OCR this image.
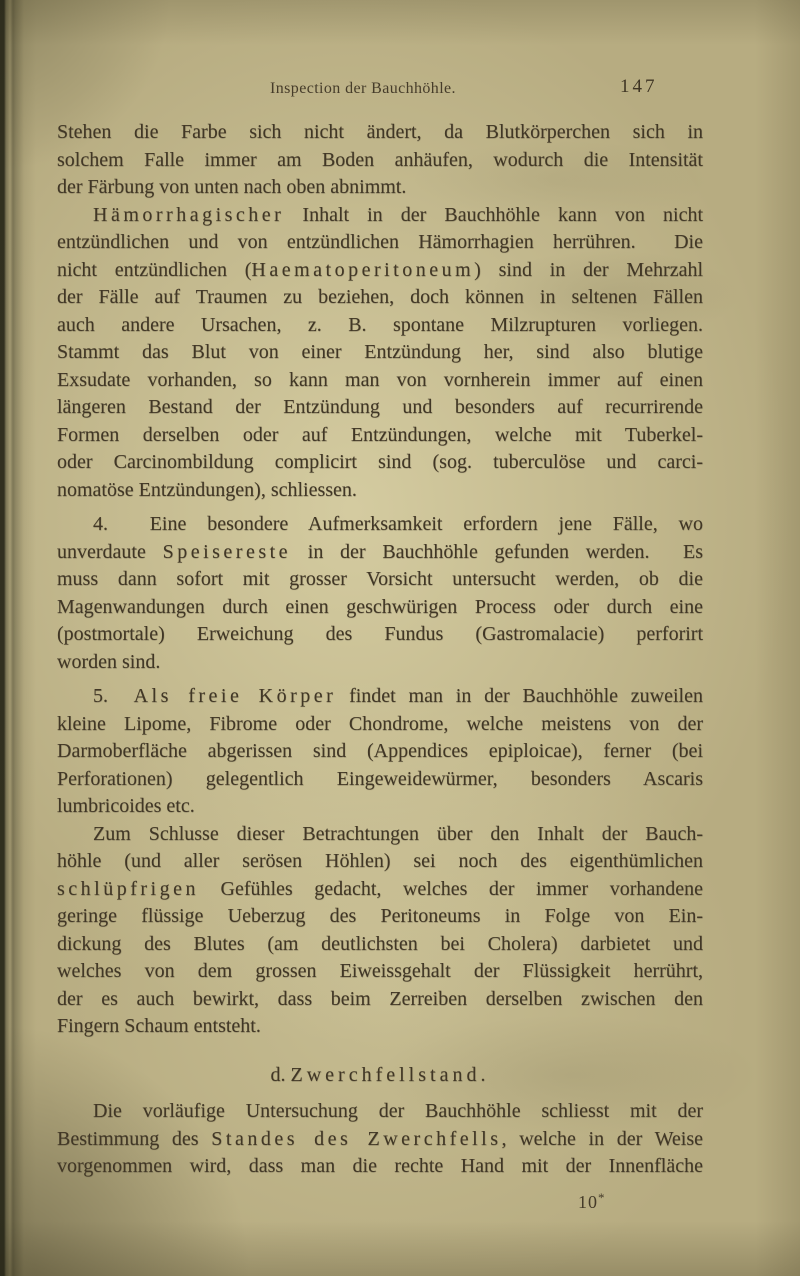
Inspection der Bauchhöhle.	147
Stehen die Farbe sich nicht ändert, da Blutkörperchen sich in
solchem Falle immer am Boden anhäufen, wodurch die Intensität
der Färbung von unten nach oben abnimmt.
Hämorrhagischer Inhalt in der Bauchhöhle kann von nicht
entzündlichen und von entzündlichen Hämorrhagien herrühren.  Die
nicht entzündlichen (Haematoperitoneum) sind in der Mehrzahl
der Fälle auf Traumen zu beziehen, doch können in seltenen Fällen
auch andere Ursachen, z. B. spontane Milzrupturen vorliegen.
Stammt das Blut von einer Entzündung her, sind also blutige
Exsudate vorhanden, so kann man von vornherein immer auf einen
längeren Bestand der Entzündung und besonders auf recurrirende
Formen derselben oder auf Entzündungen, welche mit Tuberkel-
oder Carcinombildung complicirt sind (sog. tuberculöse und carci-
nomatöse Entzündungen), schliessen.
4.  Eine besondere Aufmerksamkeit erfordern jene Fälle, wo
unverdaute Speisereste in der Bauchhöhle gefunden werden.  Es
muss dann sofort mit grosser Vorsicht untersucht werden, ob die
Magenwandungen durch einen geschwürigen Process oder durch eine
(postmortale) Erweichung des Fundus (Gastromalacie) perforirt
worden sind.
5.  Als freie Körper findet man in der Bauchhöhle zuweilen
kleine Lipome, Fibrome oder Chondrome, welche meistens von der
Darmoberfläche abgerissen sind (Appendices epiploicae), ferner (bei
Perforationen) gelegentlich Eingeweidewürmer, besonders Ascaris
lumbricoides etc.
Zum Schlusse dieser Betrachtungen über den Inhalt der Bauch-
höhle (und aller serösen Höhlen) sei noch des eigenthümlichen
schlüpfrigen Gefühles gedacht, welches der immer vorhandene
geringe flüssige Ueberzug des Peritoneums in Folge von Ein-
dickung des Blutes (am deutlichsten bei Cholera) darbietet und
welches von dem grossen Eiweissgehalt der Flüssigkeit herrührt,
der es auch bewirkt, dass beim Zerreiben derselben zwischen den
Fingern Schaum entsteht.
d. Zwerchfellstand.
Die vorläufige Untersuchung der Bauchhöhle schliesst mit der
Bestimmung des Standes des Zwerchfells, welche in der Weise
vorgenommen wird, dass man die rechte Hand mit der Innenfläche
10*
